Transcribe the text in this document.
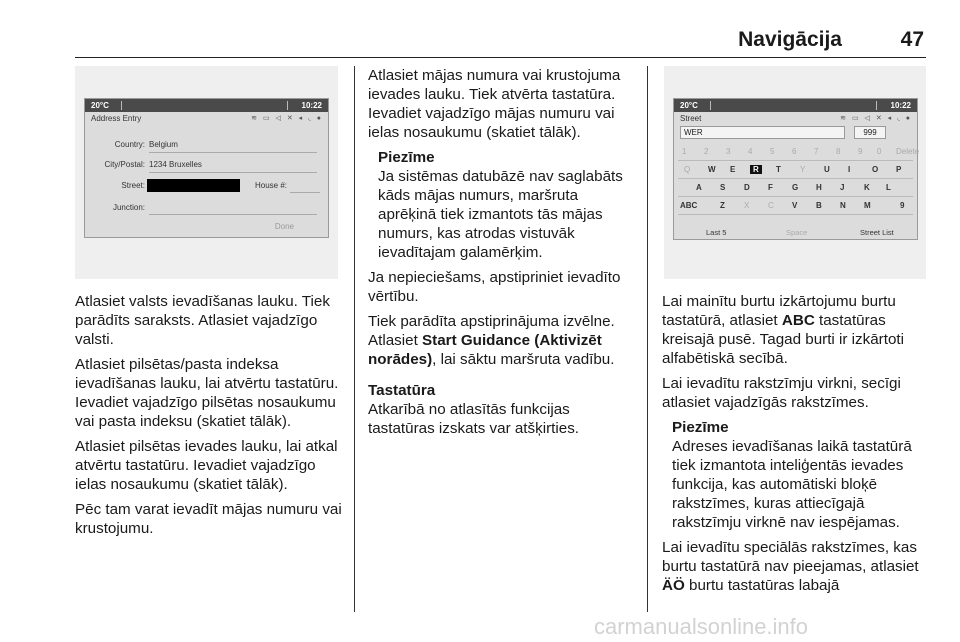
Navigācija	47
20°C	10:22
Address Entry	≋ ▭ ◁ ✕ ◂ ◟ ●
Country: Belgium
City/Postal: 1234 Bruxelles
Street:	House #:
Junction:
Done
20°C	10:22
Street	≋ ▭ ◁ ✕ ◂ ◟ ●
WER	999
1 2 3 4 5 6 7 8 9 0 Delete
Q W E	R	T Y U I	O P
A S D F G H J K L
ABC	Z X C V B N M	9
Last 5	Space	Street List

Atlasiet valsts ievadīšanas lauku. Tiek parādīts saraksts. Atlasiet vajadzīgo valsti.

Atlasiet pilsētas/pasta indeksa ievadīšanas lauku, lai atvērtu tastatūru. Ievadiet vajadzīgo pilsētas nosaukumu vai pasta indeksu (skatiet tālāk).

Atlasiet pilsētas ievades lauku, lai atkal atvērtu tastatūru. Ievadiet vajadzīgo ielas nosaukumu (skatiet tālāk).

Pēc tam varat ievadīt mājas numuru vai krustojumu.

Atlasiet mājas numura vai krustojuma ievades lauku. Tiek atvērta tastatūra. Ievadiet vajadzīgo mājas numuru vai ielas nosaukumu (skatiet tālāk).

Piezīme
Ja sistēmas datubāzē nav saglabāts kāds mājas numurs, maršruta aprēķinā tiek izmantots tās mājas numurs, kas atrodas vistuvāk ievadītajam galamērķim.

Ja nepieciešams, apstipriniet ievadīto vērtību.

Tiek parādīta apstiprinājuma izvēlne. Atlasiet Start Guidance (Aktivizēt norādes), lai sāktu maršruta vadību.

Tastatūra

Atkarībā no atlasītās funkcijas tastatūras izskats var atšķirties.

Lai mainītu burtu izkārtojumu burtu tastatūrā, atlasiet ABC tastatūras kreisajā pusē. Tagad burti ir izkārtoti alfabētiskā secībā.

Lai ievadītu rakstzīmju virkni, secīgi atlasiet vajadzīgās rakstzīmes.

Piezīme
Adreses ievadīšanas laikā tastatūrā tiek izmantota inteliģentās ievades funkcija, kas automātiski bloķē rakstzīmes, kuras attiecīgajā rakstzīmju virknē nav iespējamas.

Lai ievadītu speciālās rakstzīmes, kas burtu tastatūrā nav pieejamas, atlasiet ÄÖ burtu tastatūras labajā

carmanualsonline.info
